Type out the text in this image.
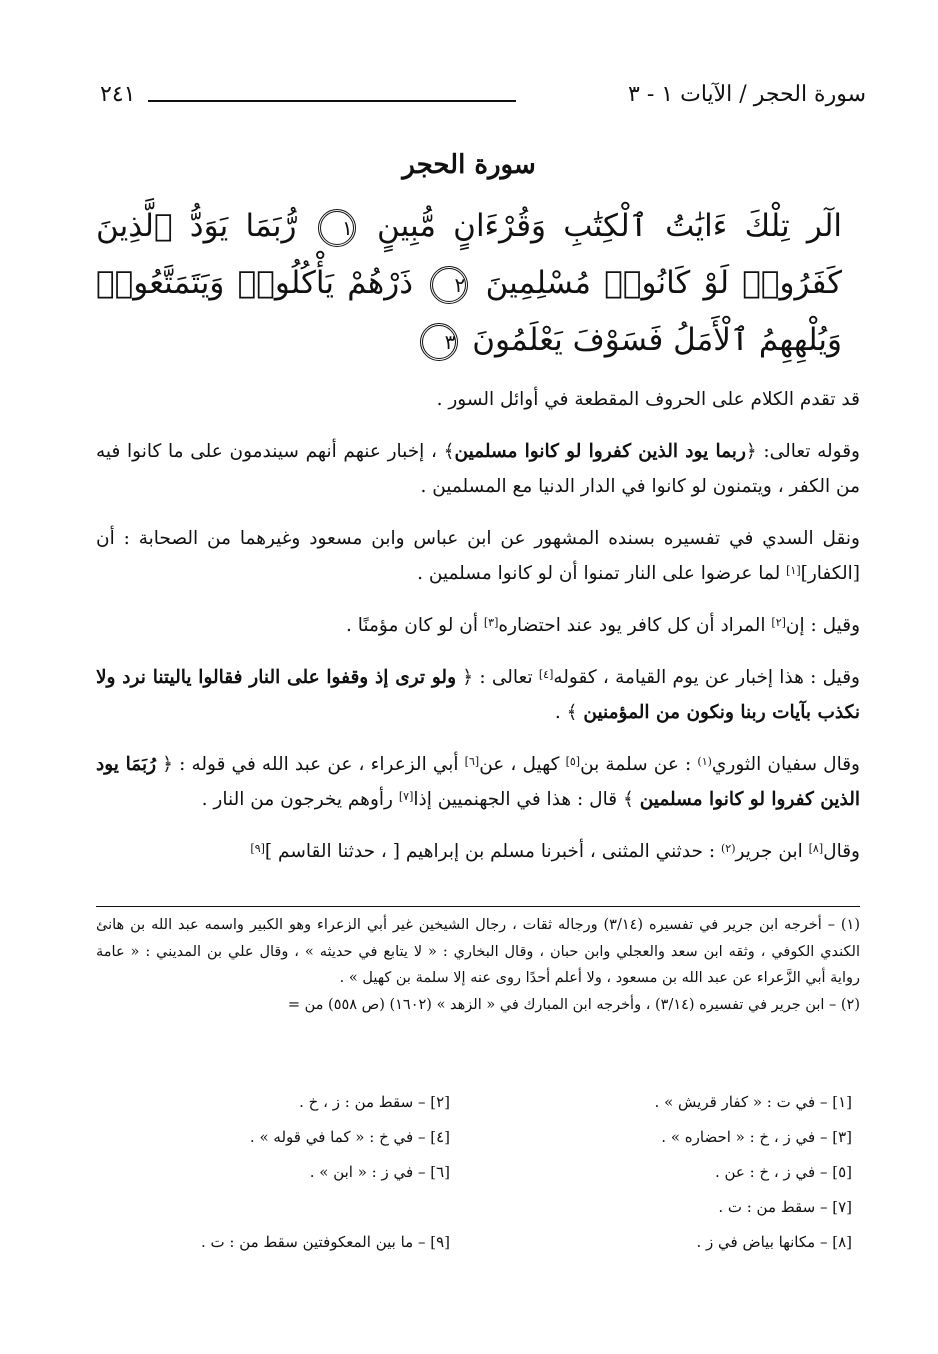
سورة الحجر / الآيات ١ - ٣
٢٤١
سورة الحجر
الٓر تِلْكَ ءَايَٰتُ ٱلْكِتَٰبِ وَقُرْءَانٍ مُّبِينٍ ١ رُّبَمَا يَوَدُّ ٱلَّذِينَ كَفَرُوا۟ لَوْ كَانُوا۟ مُسْلِمِينَ ٢ ذَرْهُمْ يَأْكُلُوا۟ وَيَتَمَتَّعُوا۟ وَيُلْهِهِمُ ٱلْأَمَلُ فَسَوْفَ يَعْلَمُونَ ٣

قد تقدم الكلام على الحروف المقطعة في أوائل السور .

وقوله تعالى: ﴿ربما يود الذين كفروا لو كانوا مسلمين﴾ ، إخبار عنهم أنهم سيندمون على ما كانوا فيه من الكفر ، ويتمنون لو كانوا في الدار الدنيا مع المسلمين .

ونقل السدي في تفسيره بسنده المشهور عن ابن عباس وابن مسعود وغيرهما من الصحابة : أن [الكفار][١] لما عرضوا على النار تمنوا أن لو كانوا مسلمين .

وقيل : إن[٢] المراد أن كل كافر يود عند احتضاره[٣] أن لو كان مؤمنًا .

وقيل : هذا إخبار عن يوم القيامة ، كقوله[٤] تعالى : ﴿ ولو ترى إذ وقفوا على النار فقالوا ياليتنا نرد ولا نكذب بآيات ربنا ونكون من المؤمنين ﴾ .

وقال سفيان الثوري$^{(١)}$ : عن سلمة بن[٥] كهيل ، عن[٦] أبي الزعراء ، عن عبد الله في قوله : ﴿ رُبَمَا يود الذين كفروا لو كانوا مسلمين ﴾ قال : هذا في الجهنميين إذا[٧] رأوهم يخرجون من النار .

وقال[٨] ابن جرير$^{(٢)}$ : حدثني المثنى ، أخبرنا مسلم بن إبراهيم [ ، حدثنا القاسم ][٩]

(١) – أخرجه ابن جرير في تفسيره (٣/١٤) ورجاله ثقات ، رجال الشيخين غير أبي الزعراء وهو الكبير واسمه عبد الله بن هانئ الكندي الكوفي ، وثقه ابن سعد والعجلي وابن حبان ، وقال البخاري : « لا يتابع في حديثه » ، وقال علي بن المديني : « عامة رواية أبي الزَّعراء عن عبد الله بن مسعود ، ولا أعلم أحدًا روى عنه إلا سلمة بن كهيل » .

(٢) – ابن جرير في تفسيره (٣/١٤) ، وأخرجه ابن المبارك في « الزهد » (١٦٠٢) (ص ٥٥٨) من =

[١] – في ت : « كفار قريش » .
[٢] – سقط من : ز ، خ .
[٣] – في ز ، خ : « احضاره » .
[٤] – في خ : « كما في قوله » .
[٥] – في ز ، خ : عن .
[٦] – في ز : « ابن » .
[٧] – سقط من : ت .
[٨] – مكانها بياض في ز .
[٩] – ما بين المعكوفتين سقط من : ت .
